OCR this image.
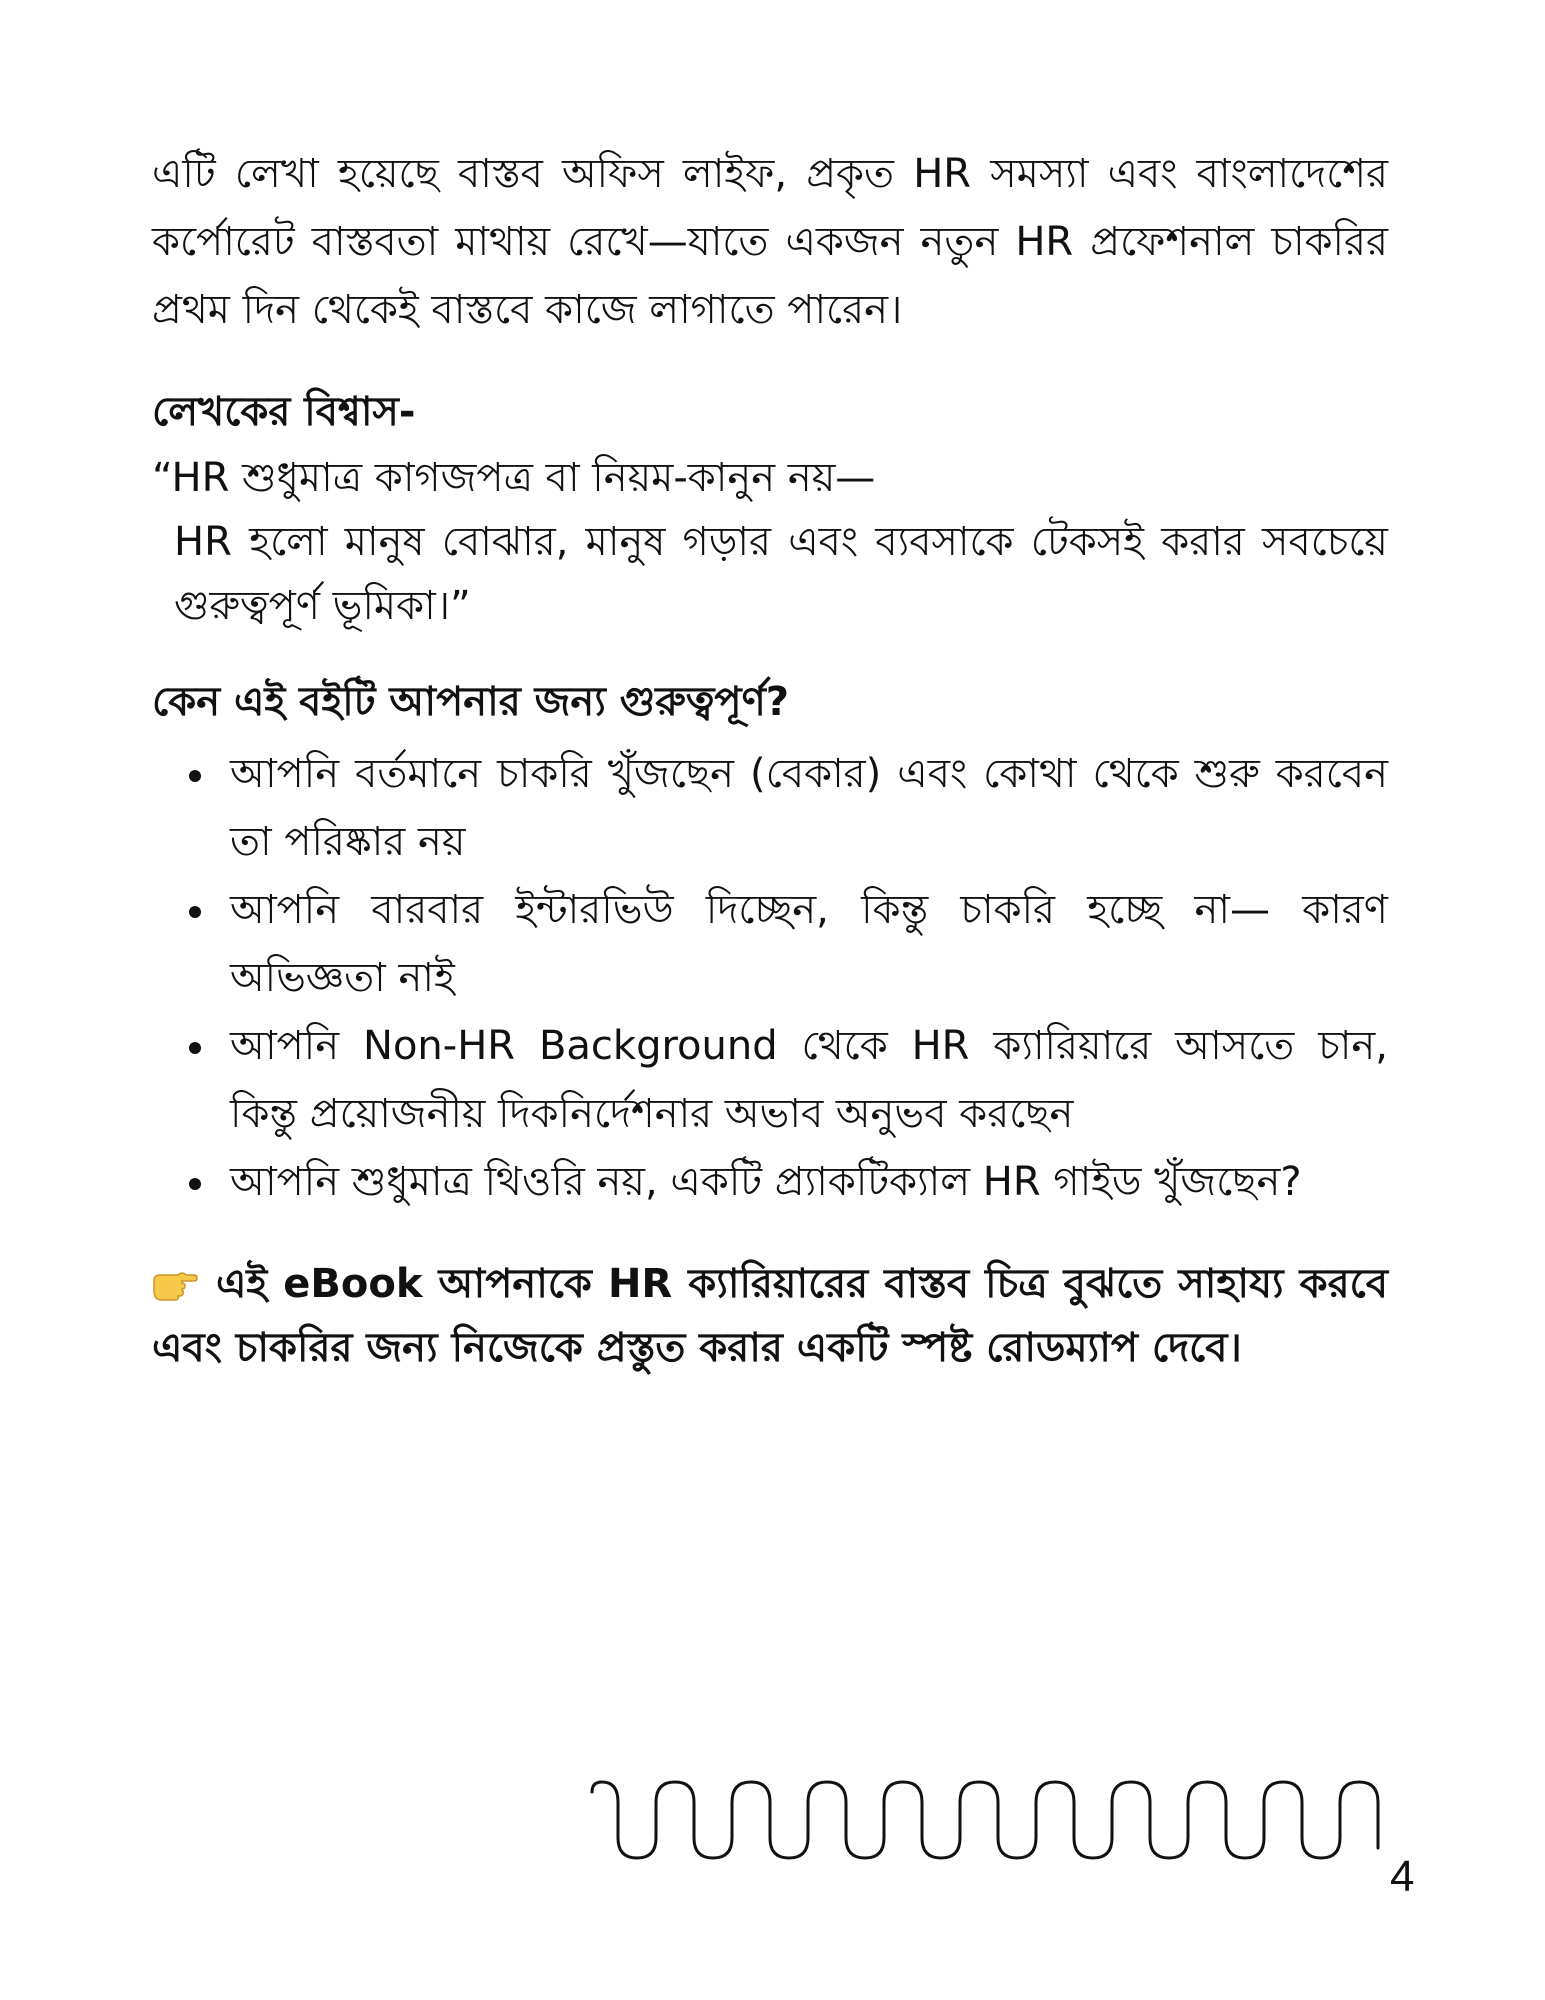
এটি লেখা হয়েছে বাস্তব অফিস লাইফ, প্রকৃত HR সমস্যা এবং বাংলাদেশের কর্পোরেট বাস্তবতা মাথায় রেখে—যাতে একজন নতুন HR প্রফেশনাল চাকরির প্রথম দিন থেকেই বাস্তবে কাজে লাগাতে পারেন।

লেখকের বিশ্বাস-

“HR শুধুমাত্র কাগজপত্র বা নিয়ম-কানুন নয়—
HR হলো মানুষ বোঝার, মানুষ গড়ার এবং ব্যবসাকে টেকসই করার সবচেয়ে গুরুত্বপূর্ণ ভূমিকা।”

কেন এই বইটি আপনার জন্য গুরুত্বপূর্ণ?

আপনি বর্তমানে চাকরি খুঁজছেন (বেকার) এবং কোথা থেকে শুরু করবেন তা পরিষ্কার নয়
আপনি বারবার ইন্টারভিউ দিচ্ছেন, কিন্তু চাকরি হচ্ছে না— কারণ অভিজ্ঞতা নাই
আপনি Non-HR Background থেকে HR ক্যারিয়ারে আসতে চান, কিন্তু প্রয়োজনীয় দিকনির্দেশনার অভাব অনুভব করছেন
আপনি শুধুমাত্র থিওরি নয়, একটি প্র্যাকটিক্যাল HR গাইড খুঁজছেন?

এই eBook আপনাকে HR ক্যারিয়ারের বাস্তব চিত্র বুঝতে সাহায্য করবে এবং চাকরির জন্য নিজেকে প্রস্তুত করার একটি স্পষ্ট রোডম্যাপ দেবে।

4
